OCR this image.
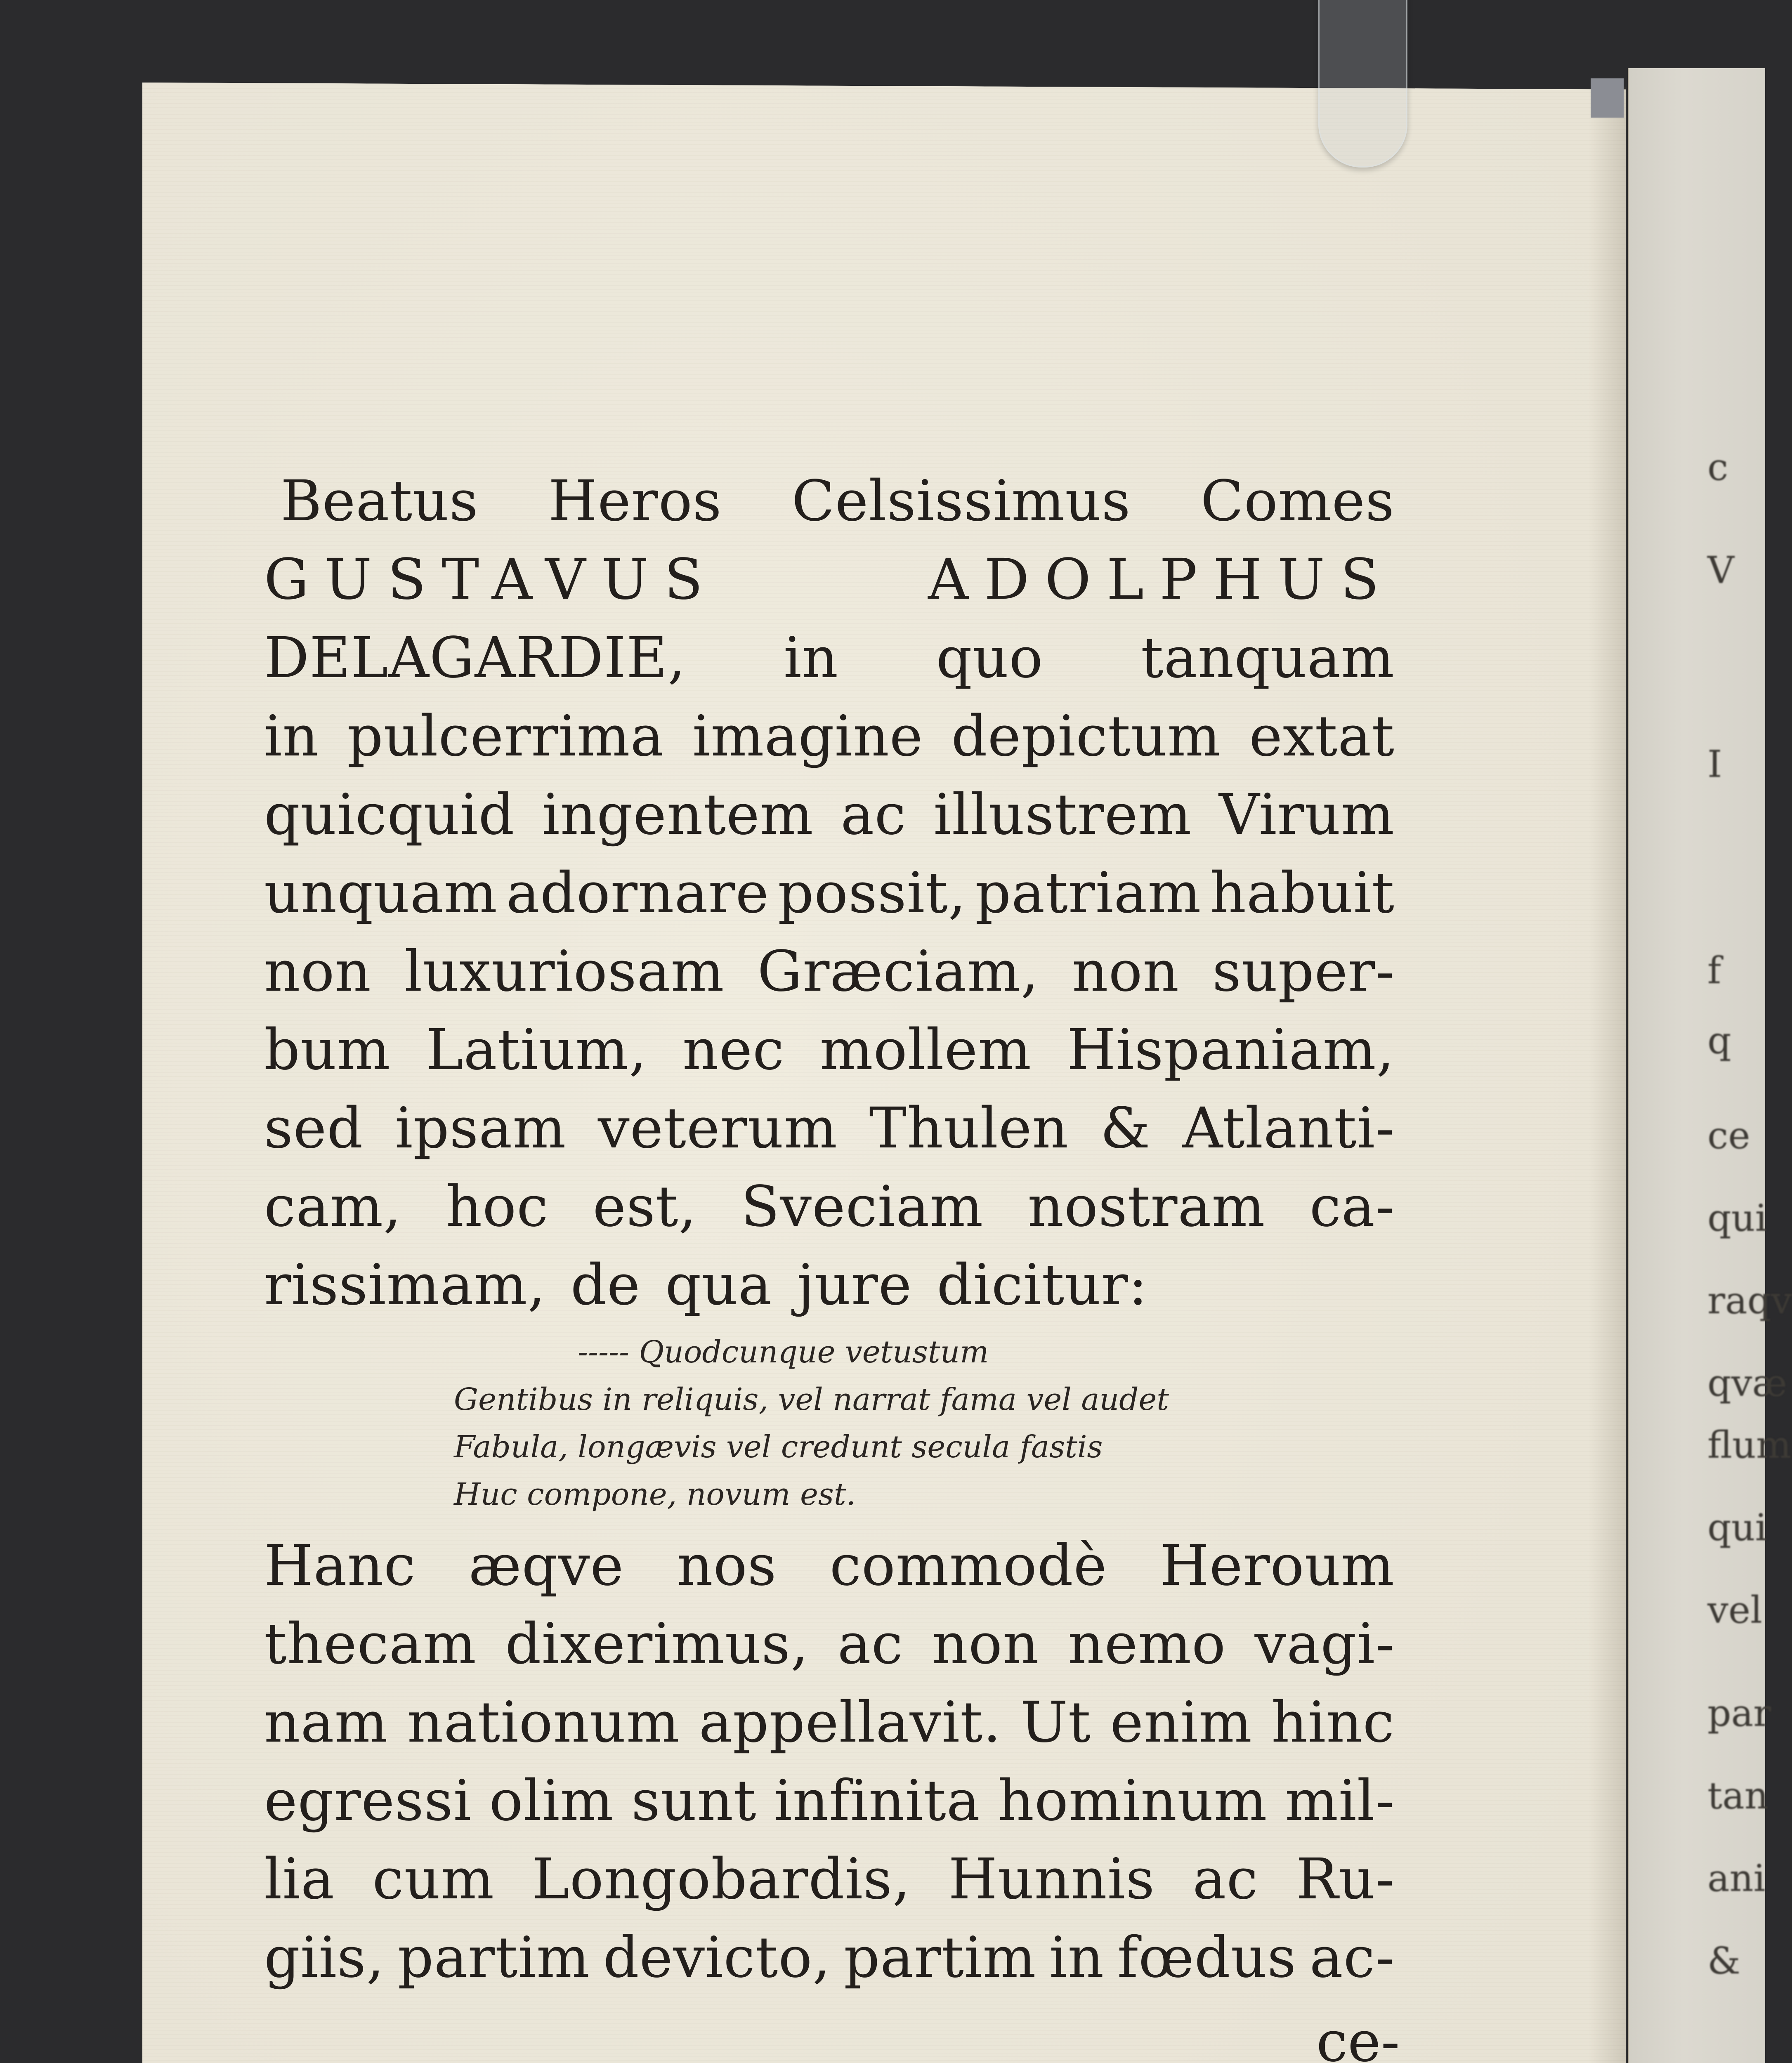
c
V
I
f
q
ce
qui
raqv
qvæ
flum
qui
vel
par
tan
ani
&
Beatus Heros Celsissimus Comes
GUSTAVUS	ADOLPHUS
DELAGARDIE, in quo tanquam
in pulcerrima imagine depictum extat
quicquid ingentem ac illustrem Virum
unquam adornare possit, patriam habuit
non luxuriosam Græciam, non super-
bum Latium, nec mollem Hispaniam,
sed ipsam veterum Thulen & Atlanti-
cam, hoc est, Sveciam nostram ca-
rissimam, de qua jure dicitur:
----- Quodcunque vetustum
Gentibus in reliquis, vel narrat fama vel audet
Fabula, longævis vel credunt secula fastis
Huc compone, novum est.
Hanc æqve nos commodè Heroum
thecam dixerimus, ac non nemo vagi-
nam nationum appellavit. Ut enim hinc
egressi olim sunt infinita hominum mil-
lia cum Longobardis, Hunnis ac Ru-
giis, partim devicto, partim in fœdus ac-
ce-
